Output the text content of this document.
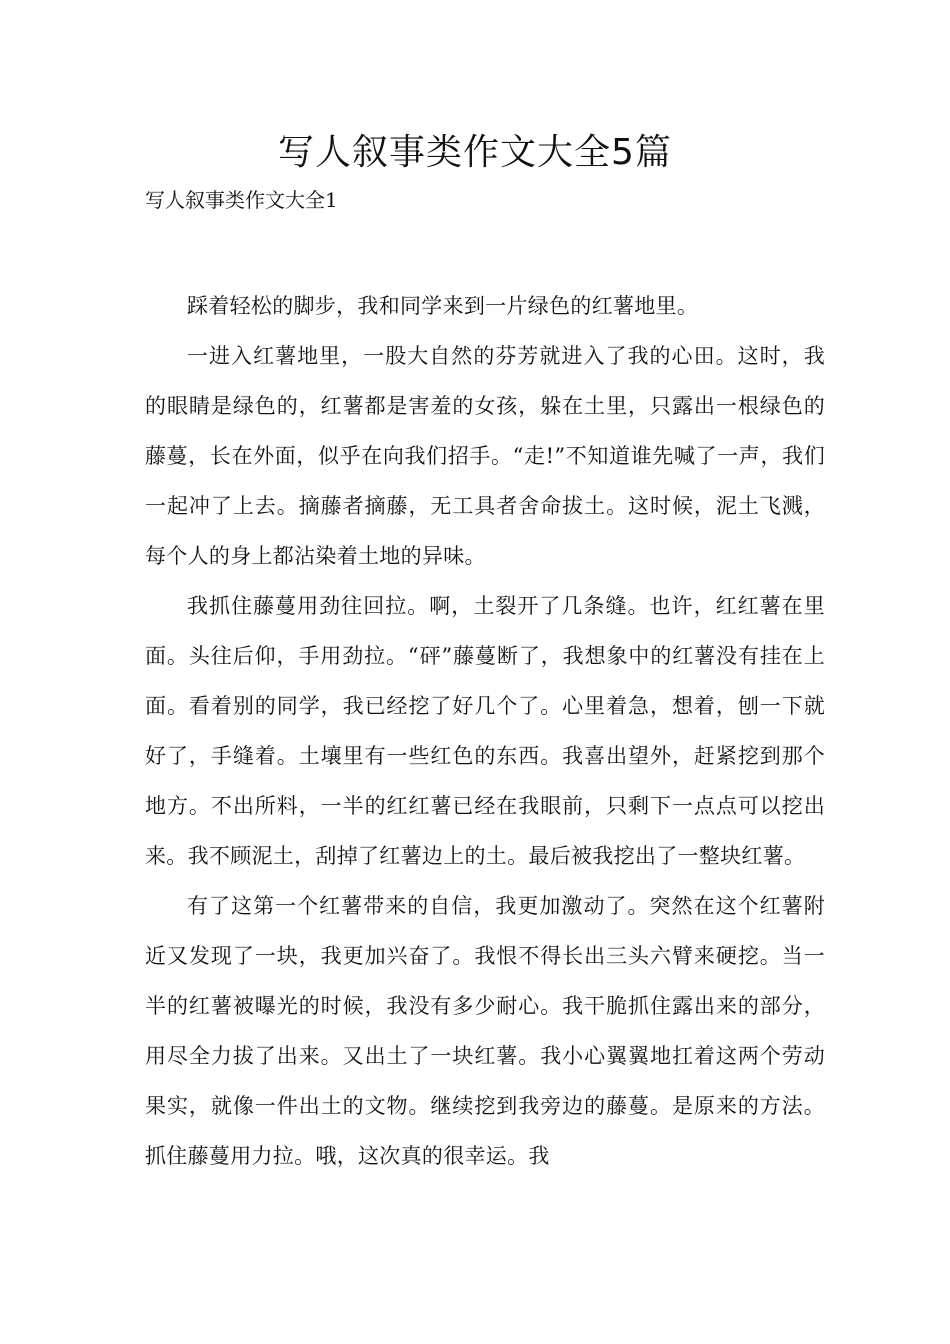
写人叙事类作文大全5篇
写人叙事类作文大全1

踩着轻松的脚步，我和同学来到一片绿色的红薯地里。

一进入红薯地里，一股大自然的芬芳就进入了我的心田。这时，我的眼睛是绿色的，红薯都是害羞的女孩，躲在土里，只露出一根绿色的藤蔓，长在外面，似乎在向我们招手。“走!”不知道谁先喊了一声，我们一起冲了上去。摘藤者摘藤，无工具者舍命拔土。这时候，泥土飞溅，每个人的身上都沾染着土地的异味。

我抓住藤蔓用劲往回拉。啊，土裂开了几条缝。也许，红红薯在里面。头往后仰，手用劲拉。“砰”藤蔓断了，我想象中的红薯没有挂在上面。看着别的同学，我已经挖了好几个了。心里着急，想着，刨一下就好了，手缝着。土壤里有一些红色的东西。我喜出望外，赶紧挖到那个地方。不出所料，一半的红红薯已经在我眼前，只剩下一点点可以挖出来。我不顾泥土，刮掉了红薯边上的土。最后被我挖出了一整块红薯。

有了这第一个红薯带来的自信，我更加激动了。突然在这个红薯附近又发现了一块，我更加兴奋了。我恨不得长出三头六臂来硬挖。当一半的红薯被曝光的时候，我没有多少耐心。我干脆抓住露出来的部分，用尽全力拔了出来。又出土了一块红薯。我小心翼翼地扛着这两个劳动果实，就像一件出土的文物。继续挖到我旁边的藤蔓。是原来的方法。抓住藤蔓用力拉。哦，这次真的很幸运。我
